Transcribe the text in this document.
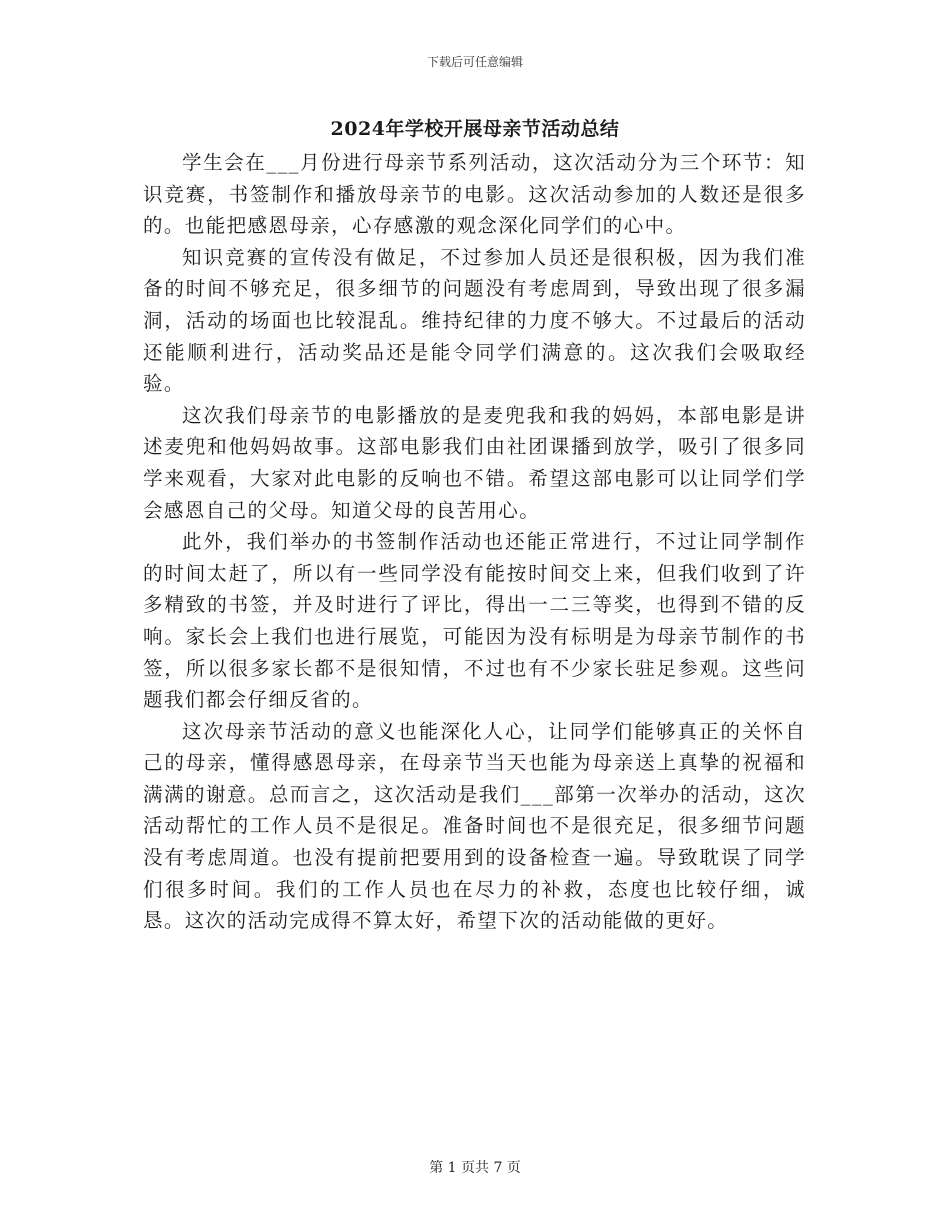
下载后可任意编辑
2024年学校开展母亲节活动总结

学生会在___月份进行母亲节系列活动，这次活动分为三个环节：知识竞赛，书签制作和播放母亲节的电影。这次活动参加的人数还是很多的。也能把感恩母亲，心存感激的观念深化同学们的心中。

知识竞赛的宣传没有做足，不过参加人员还是很积极，因为我们准备的时间不够充足，很多细节的问题没有考虑周到，导致出现了很多漏洞，活动的场面也比较混乱。维持纪律的力度不够大。不过最后的活动还能顺利进行，活动奖品还是能令同学们满意的。这次我们会吸取经验。

这次我们母亲节的电影播放的是麦兜我和我的妈妈，本部电影是讲述麦兜和他妈妈故事。这部电影我们由社团课播到放学，吸引了很多同学来观看，大家对此电影的反响也不错。希望这部电影可以让同学们学会感恩自己的父母。知道父母的良苦用心。

此外，我们举办的书签制作活动也还能正常进行，不过让同学制作的时间太赶了，所以有一些同学没有能按时间交上来，但我们收到了许多精致的书签，并及时进行了评比，得出一二三等奖，也得到不错的反响。家长会上我们也进行展览，可能因为没有标明是为母亲节制作的书签，所以很多家长都不是很知情，不过也有不少家长驻足参观。这些问题我们都会仔细反省的。

这次母亲节活动的意义也能深化人心，让同学们能够真正的关怀自己的母亲，懂得感恩母亲，在母亲节当天也能为母亲送上真挚的祝福和满满的谢意。总而言之，这次活动是我们___部第一次举办的活动，这次活动帮忙的工作人员不是很足。准备时间也不是很充足，很多细节问题没有考虑周道。也没有提前把要用到的设备检查一遍。导致耽误了同学们很多时间。我们的工作人员也在尽力的补救，态度也比较仔细，诚恳。这次的活动完成得不算太好，希望下次的活动能做的更好。

第 1 页共 7 页
